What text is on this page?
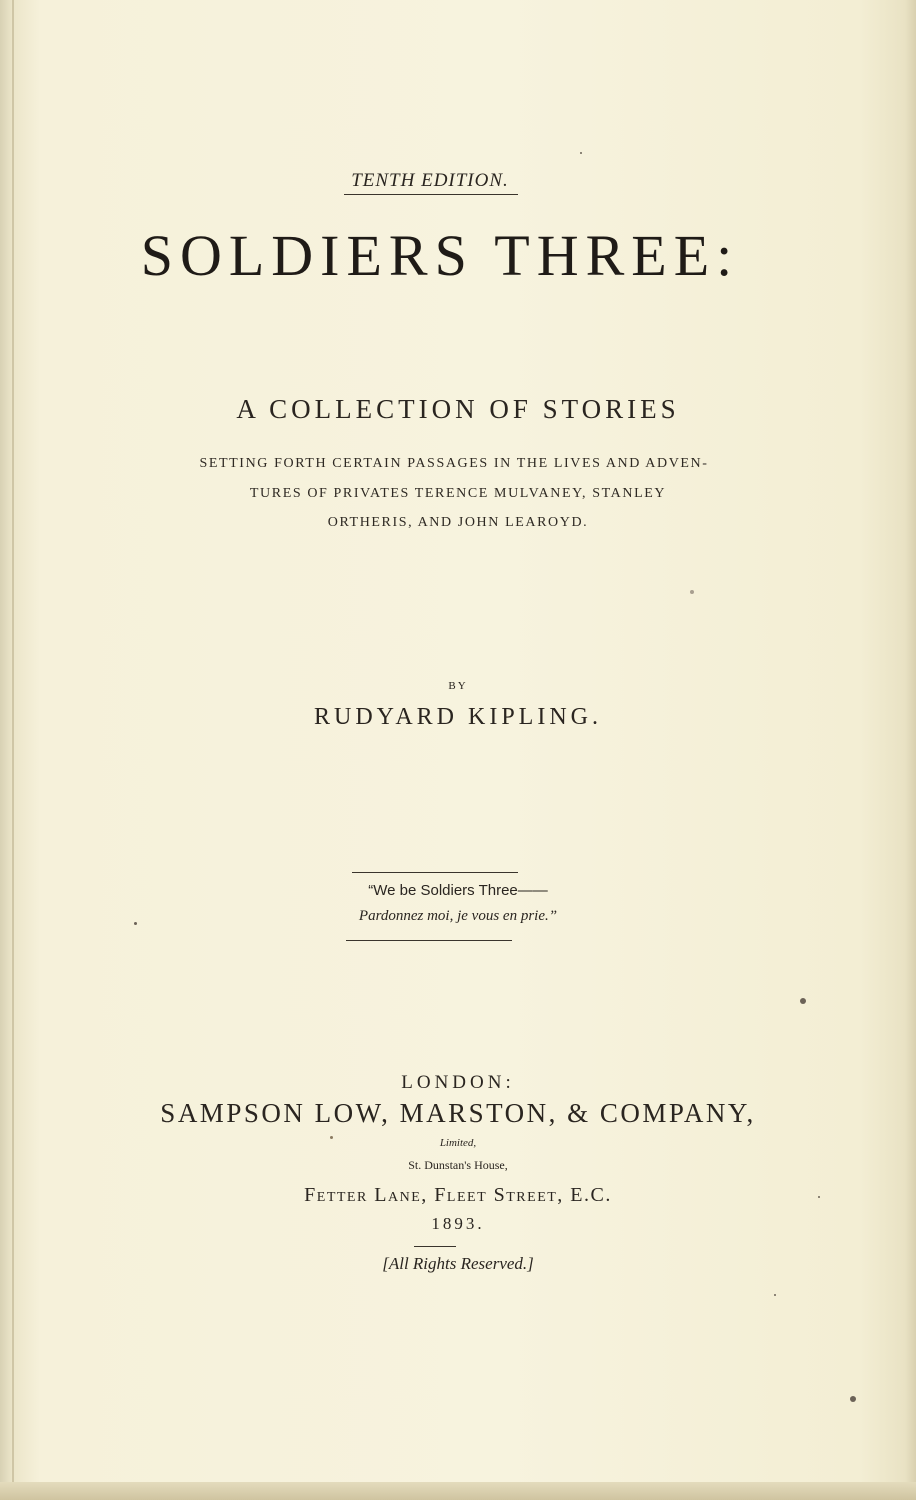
TENTH EDITION.
SOLDIERS THREE:
A COLLECTION OF STORIES
SETTING FORTH CERTAIN PASSAGES IN THE LIVES AND ADVEN-
TURES OF PRIVATES TERENCE MULVANEY, STANLEY
ORTHERIS, AND JOHN LEAROYD.
BY
RUDYARD KIPLING.
“We be Soldiers Three——
Pardonnez moi, je vous en prie.”
LONDON:
SAMPSON LOW, MARSTON, & COMPANY,
Limited,
St. Dunstan's House,
Fetter Lane, Fleet Street, E.C.
1893.
[All Rights Reserved.]
